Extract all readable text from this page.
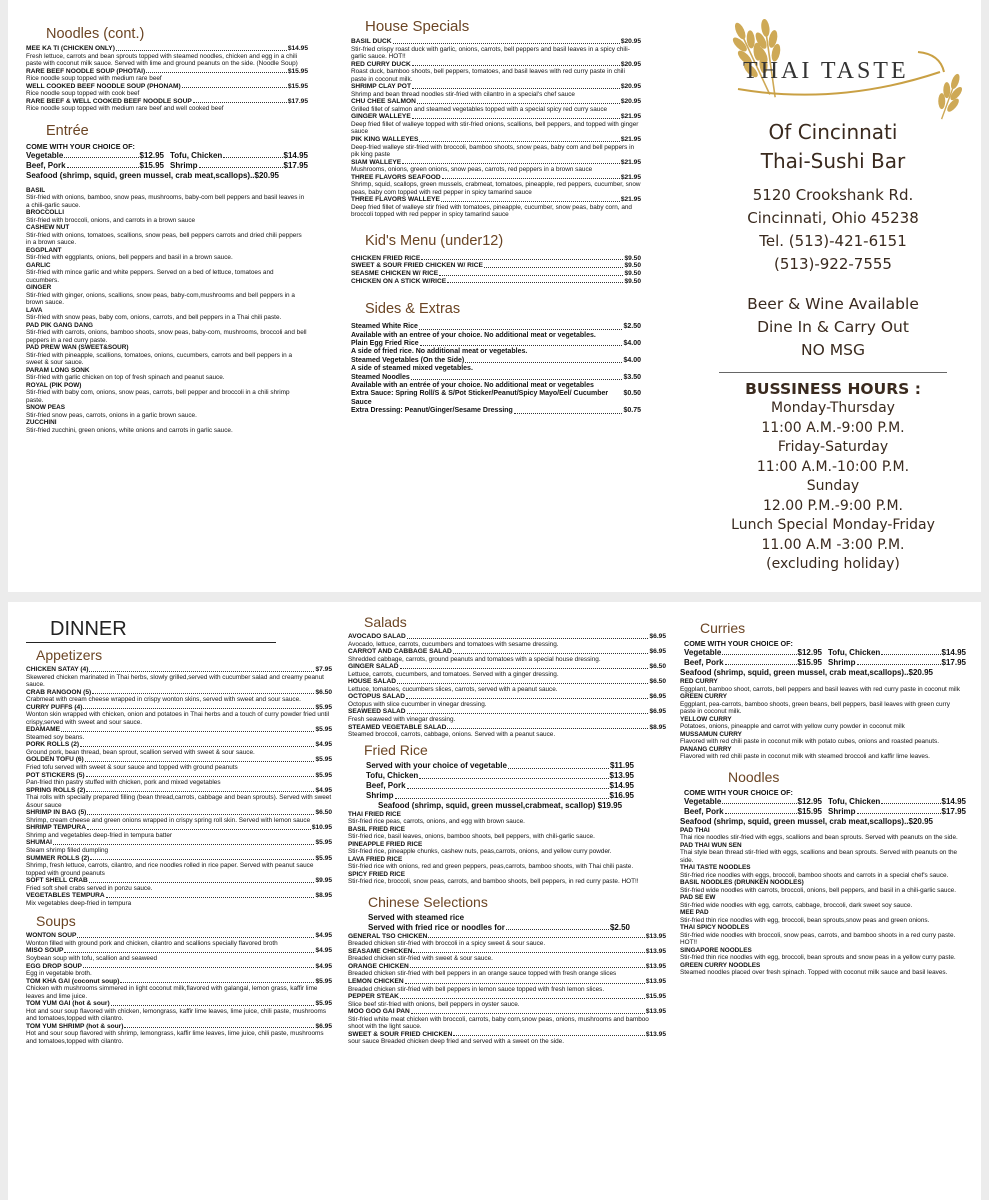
Noodles (cont.)
MEE KA TI (CHICKEN ONLY)	$14.95
Fresh lettuce, carrots and bean sprouts topped with steamed noodles, chicken and egg in a chili paste with coconut milk sauce. Served with lime and ground peanuts on the side. (Noodle Soup)
RARE BEEF NOODLE SOUP (PHOTAI)	$15.95
Rice noodle soup topped with medium rare beef
WELL COOKED BEEF NOODLE SOUP (PHONAM)	$15.95
Rice noodle soup topped with cook beef
RARE BEEF & WELL COOKED BEEF NOODLE SOUP	$17.95
Rice noodle soup topped with medium rare beef and well cooked beef
Entrée
COME WITH YOUR CHOICE OF:
Vegetable	$12.95 Tofu, Chicken	$14.95
Beef, Pork	$15.95 Shrimp	$17.95
Seafood (shrimp, squid, green mussel, crab meat,scallops)..$20.95
BASIL
Stir-fried with onions, bamboo, snow peas, mushrooms, baby-com bell peppers and basil leaves in a chili-garlic sauce.
BROCCOLLI
Stir-fried with broccoli, onions, and carrots in a brown sauce
CASHEW NUT
Stir-fried with onions, tomatoes, scallions, snow peas, bell peppers carrots and dried chili peppers in a brown sauce.
EGGPLANT
Stir-fried with eggplants, onions, bell peppers and basil in a brown sauce.
GARLIC
Stir-fried with mince garlic and white peppers. Served on a bed of lettuce, tomatoes and cucumbers.
GINGER
Stir-fried with ginger, onions, scallions, snow peas, baby-com,mushrooms and bell peppers in a brown sauce.
LAVA
Stir-fried with snow peas, baby com, onions, carrots, and bell peppers in a Thai chili paste.
PAD PIK GANG DANG
Stir-fried with carrots, onions, bamboo shoots, snow peas, baby-com, mushrooms, broccoli and bell peppers in a red curry paste.
PAD PREW WAN (SWEET&SOUR)
Stir-fried with pineapple, scallions, tomatoes, onions, cucumbers, carrots and bell peppers in a sweet & sour sauce.
PARAM LONG SONK
Stir-fried with garlic chicken on top of fresh spinach and peanut sauce.
ROYAL (PIK POW)
Stir-fried with baby com, onions, snow peas, carrots, bell pepper and broccoli in a chili shrimp paste.
SNOW PEAS
Stir-fried snow peas, carrots, onions in a garlic brown sauce.
ZUCCHINI
Stir-fried zucchini, green onions, white onions and carrots in garlic sauce.
House Specials
BASIL DUCK	$20.95
Stir-fried crispy roast duck with garlic, onions, carrots, bell peppers and basil leaves in a spicy chili-garlic sauce. HOT!!
RED CURRY DUCK	$20.95
Roast duck, bamboo shoots, bell peppers, tomatoes, and basil leaves with red curry paste in chili paste in coconut milk.
SHRIMP CLAY POT	$20.95
Shrimp and bean thread noodles stir-fried with cilantro in a special's chef sauce
CHU CHEE SALMON	$20.95
Grilled fillet of salmon and steamed vegetables topped with a special spicy red curry sauce
GINGER WALLEYE	$21.95
Deep fried fillet of walleye topped with stir-fried onions, scallions, bell peppers, and topped with ginger sauce
PIK KING WALLEYES	$21.95
Deep-fried walleye stir-fried with broccoli, bamboo shoots, snow peas, baby com and bell peppers in pik king paste
SIAM WALLEYE	$21.95
Mushrooms, onions, green onions, snow peas, carrots, red peppers in a brown sauce
THREE FLAVORS SEAFOOD	$21.95
Shrimp, squid, scallops, green mussels, crabmeat, tomatoes, pineapple, red peppers, cucumber, snow peas, baby com topped with red pepper in spicy tamarind sauce
THREE FLAVORS WALLEYE	$21.95
Deep fried fillet of walleye stir fried with tomatoes, pineapple, cucumber, snow peas, baby corn, and broccoli topped with red pepper in spicy tamarind sauce
Kid's Menu (under12)
CHICKEN FRIED RICE	$9.50
SWEET & SOUR FRIED CHICKEN W/ RICE	$9.50
SEASME CHICKEN W/ RICE	$9.50
CHICKEN ON A STICK W/RICE	$9.50
Sides & Extras
Steamed White Rice	$2.50
Available with an entree of your choice. No additional meat or vegetables.
Plain Egg Fried Rice	$4.00
A side of fried rice. No additional meat or vegetables.
Steamed Vegetables (On the Side)	$4.00
A side of steamed mixed vegetables.
Steamed Noodles	$3.50
Available with an entrée of your choice. No additional meat or vegetables
Extra Sauce: Spring Roll/S & S/Pot Sticker/Peanut/Spicy Mayo/Eel/ Cucumber Sauce
$0.50
Extra Dressing: Peanut/Ginger/Sesame Dressing	$0.75
THAI TASTE
Of Cincinnati
Thai-Sushi Bar
5120 Crookshank Rd.
Cincinnati, Ohio 45238
Tel. (513)-421-6151
(513)-922-7555
Beer & Wine Available
Dine In & Carry Out
NO MSG
BUSSINESS HOURS :
Monday-Thursday
11:00 A.M.-9:00 P.M.
Friday-Saturday
11:00 A.M.-10:00 P.M.
Sunday
12.00 P.M.-9:00 P.M.
Lunch Special Monday-Friday
11.00 A.M -3:00 P.M.
(excluding holiday)
DINNER
Appetizers
CHICKEN SATAY (4)	$7.95
Skewered chicken marinated in Thai herbs, slowly grilled,served with cucumber salad and creamy peanut sauce.
CRAB RANGOON (5)	$6.50
Crabmeat with cream cheese wrapped in crispy wonton skins, served with sweet and sour sauce.
CURRY PUFFS (4)	$5.95
Wonton skin wrapped with chicken, onion and potatoes in Thai herbs and a touch of curry powder fried until crispy,served with sweet and sour sauce.
EDAMAME	$5.95
Steamed soy beans.
PORK ROLLS (2)	$4.95
Ground pork, bean thread, bean sprout, scallion served with sweet & sour sauce.
GOLDEN TOFU (6)	$5.95
Fried tofu served with sweet & sour sauce and topped with ground peanuts
POT STICKERS (5)	$5.95
Pan-fried thin pastry stuffed with chicken, pork and mixed vegetables
SPRING ROLLS (2)	$4.95
Thai rolls with specially prepared filling (bean thread,carrots, cabbage and bean sprouts). Served with sweet &sour sauce
SHRIMP IN BAG (5)	$6.50
Shrimp, cream cheese and green onions wrapped in crispy spring roll skin. Served with lemon sauce
SHRIMP TEMPURA	$10.95
Shrimp and vegetables deep-fried in tempura batter
SHUMAI	$5.95
Steam shrimp filled dumpling
SUMMER ROLLS (2)	$5.95
Shrimp, fresh lettuce, carrots, cilantro, and rice noodles rolled in rice paper. Served with peanut sauce topped with ground peanuts
SOFT SHELL CRAB	$9.95
Fried soft shell crabs served in ponzu sauce.
VEGETABLES TEMPURA	$8.95
Mix vegetables deep-fried in tempura
Soups
WONTON SOUP	$4.95
Wonton filled with ground pork and chicken, cilantro and scallions specially flavored broth
MISO SOUP	$4.95
Soybean soup with tofu, scallion and seaweed
EGG DROP SOUP	$4.95
Egg in vegetable broth.
TOM KHA GAI (coconut soup)	$5.95
Chicken with mushrooms simmered in light coconut milk,flavored with galangal, lemon grass, kaffir lime leaves and lime juice.
TOM YUM GAI (hot & sour)	$5.95
Hot and sour soup flavored with chicken, lemongrass, kaffir lime leaves, lime juice, chili paste, mushrooms and tomatoes,topped with cilantro.
TOM YUM SHRIMP (hot & sour)	$6.95
Hot and sour soup flavored with shrimp, lemongrass, kaffir lime leaves, lime juice, chili paste, mushrooms and tomatoes,topped with cilantro.
Salads
AVOCADO SALAD	$6.95
Avocado, lettuce, carrots, cucumbers and tomatoes with sesame dressing.
CARROT AND CABBAGE SALAD	$6.95
Shredded cabbage, carrots, ground peanuts and tomatoes with a special house dressing.
GINGER SALAD	$6.50
Lettuce, carrots, cucumbers, and tomatoes. Served with a ginger dressing.
HOUSE SALAD	$6.50
Lettuce, tomatoes, cucumbers slices, carrots, served with a peanut sauce.
OCTOPUS SALAD	$6.95
Octopus with slice cucumber in vinegar dressing.
SEAWEED SALAD	$6.95
Fresh seaweed with vinegar dressing.
STEAMED VEGETABLE SALAD	$8.95
Steamed broccoli, carrots, cabbage, onions. Served with a peanut sauce.
Fried Rice
Served with your choice of vegetable	$11.95
Tofu, Chicken	$13.95
Beef, Pork	$14.95
Shrimp	$16.95
Seafood (shrimp, squid, green mussel,crabmeat, scallop) $19.95
THAI FRIED RICE
Stir-fried rice peas, carrots, onions, and egg with brown sauce.
BASIL FRIED RICE
Stir-fried rice, basil leaves, onions, bamboo shoots, bell peppers, with chili-garlic sauce.
PINEAPPLE FRIED RICE
Stir-fried rice, pineapple chunks, cashew nuts, peas,carrots, onions, and yellow curry powder.
LAVA FRIED RICE
Stir-fried rice with onions, red and green peppers, peas,carrots, bamboo shoots, with Thai chili paste.
SPICY FRIED RICE
Stir-fried rice, broccoli, snow peas, carrots, and bamboo shoots, bell peppers, in red curry paste. HOT!!
Chinese Selections
Served with steamed rice
Served with fried rice or noodles for	$2.50
GENERAL TSO CHICKEN	$13.95
Breaded chicken stir-fried with broccoli in a spicy sweet & sour sauce.
SEASAME CHICKEN	$13.95
Breaded chicken stir-fried with sweet & sour sauce.
ORANGE CHICKEN	$13.95
Breaded chicken stir-fried with bell peppers in an orange sauce topped with fresh orange slices
LEMON CHICKEN	$13.95
Breaded chicken stir-fried with bell peppers in lemon sauce topped with fresh lemon slices.
PEPPER STEAK	$15.95
Slice beef stir-fried with onions, bell peppers in oyster sauce.
MOO GOO GAI PAN	$13.95
Stir-fried white meat chicken with broccoli, carrots, baby corn,snow peas, onions, mushrooms and bamboo shoot with the light sauce.
SWEET & SOUR FRIED CHICKEN	$13.95
sour sauce Breaded chicken deep fried and served with a sweet on the side.
Curries
COME WITH YOUR CHOICE OF:
Vegetable	$12.95 Tofu, Chicken	$14.95
Beef, Pork	$15.95 Shrimp	$17.95
Seafood (shrimp, squid, green mussel, crab meat,scallops)..$20.95
RED CURRY
Eggplant, bamboo shoot, carrots, bell peppers and basil leaves with red curry paste in coconut milk
GREEN CURRY
Eggplant, pea-carrots, bamboo shoots, green beans, bell peppers, basil leaves with green curry paste in coconut milk.
YELLOW CURRY
Potatoes, onions, pineapple and carrot with yellow curry powder in coconut milk
MUSSAMUN CURRY
Flavored with red chili paste in coconut milk with potato cubes, onions and roasted peanuts.
PANANG CURRY
Flavored with red chili paste in coconut milk with steamed broccoli and kaffir lime leaves.
Noodles
COME WITH YOUR CHOICE OF:
Vegetable	$12.95 Tofu, Chicken	$14.95
Beef, Pork	$15.95 Shrimp	$17.95
Seafood (shrimp, squid, green mussel, crab meat,scallops)..$20.95
PAD THAI
Thai rice noodles stir-fried with eggs, scallions and bean sprouts. Served with peanuts on the side.
PAD THAI WUN SEN
Thai style bean thread stir-fried with eggs, scallions and bean sprouts. Served with peanuts on the side.
THAI TASTE NOODLES
Stir-fried rice noodles with eggs, broccoli, bamboo shoots and carrots in a special chef's sauce.
BASIL NOODLES (DRUNKEN NOODLES)
Stir-fried wide noodles with carrots, broccoli, onions, bell peppers, and basil in a chili-garlic sauce.
PAD SE EW
Stir-fried wide noodles with egg, carrots, cabbage, broccoli, dark sweet soy sauce.
MEE PAD
Stir-fried thin rice noodles with egg, broccoli, bean sprouts,snow peas and green onions.
THAI SPICY NOODLES
Stir-fried wide noodles with broccoli, snow peas, carrots, and bamboo shoots in a red curry paste. HOT!!
SINGAPORE NOODLES
Stir-fried thin rice noodles with egg, broccoli, bean sprouts and snow peas in a yellow curry paste.
GREEN CURRY NOODLES
Steamed noodles placed over fresh spinach. Topped with coconut milk sauce and basil leaves.
